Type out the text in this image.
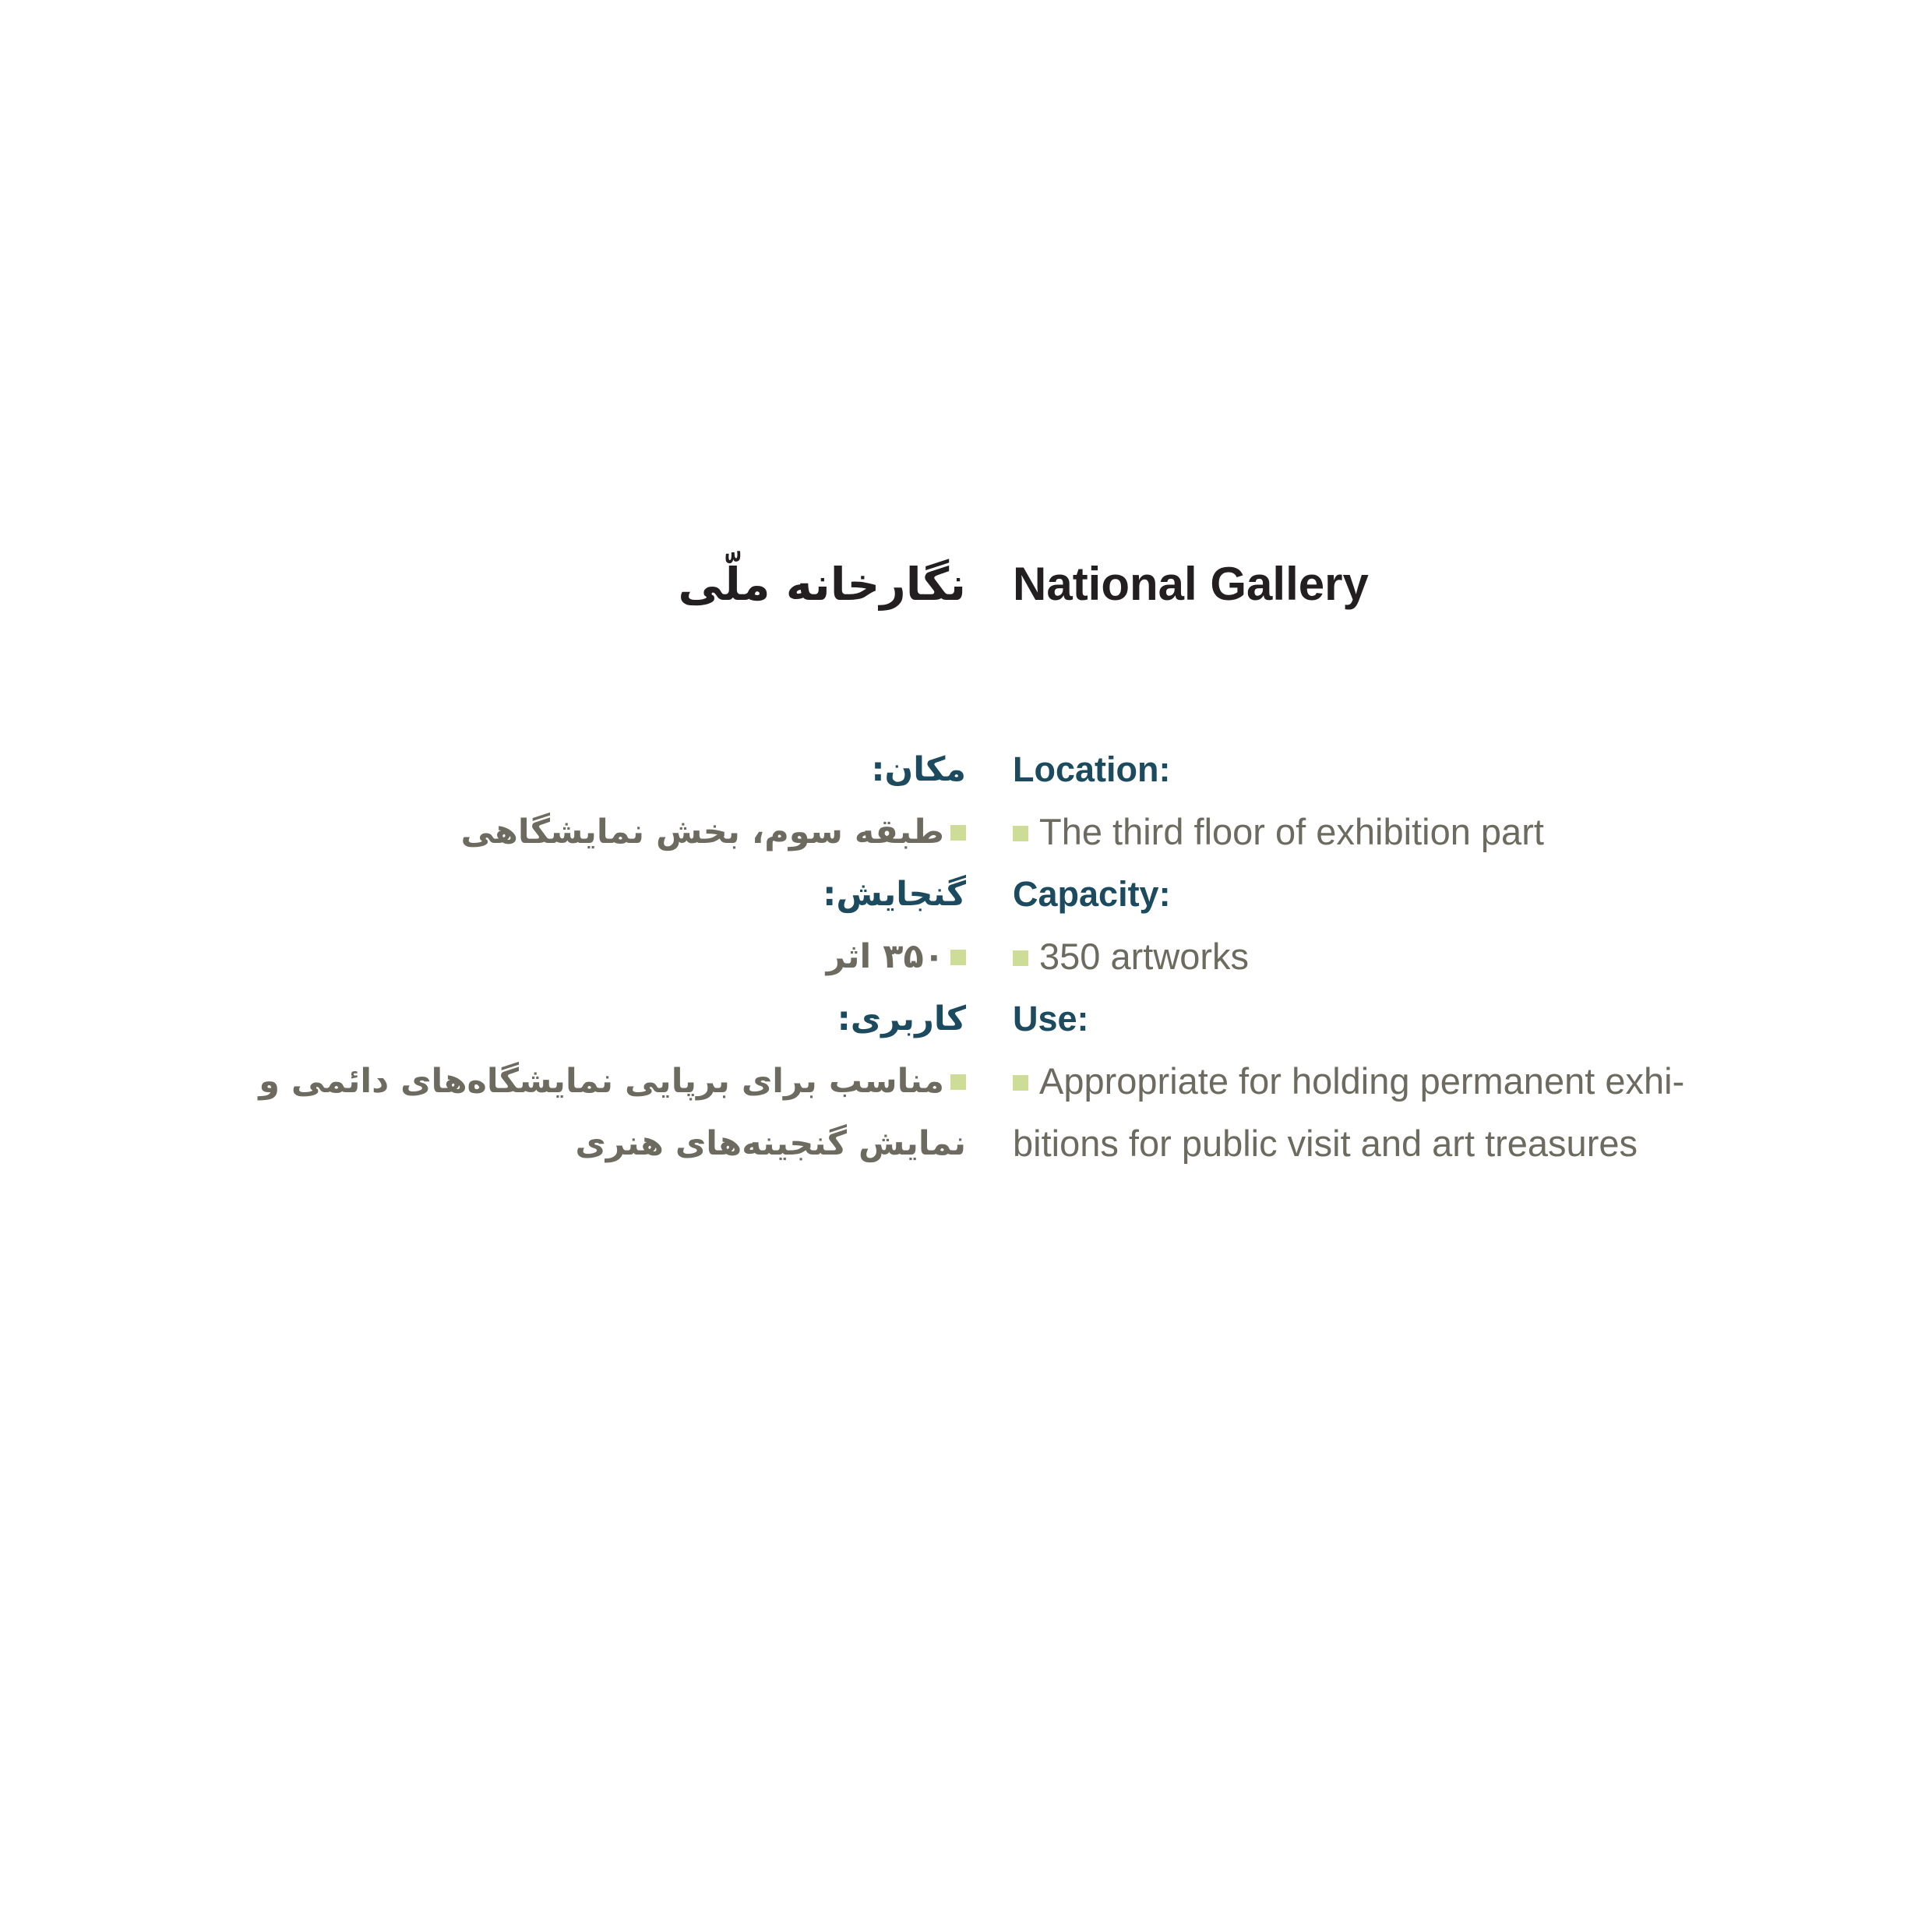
نگارخانه ملّی
مکان:
طبقه سوم، بخش نمایشگاهی
گنجایش:
۳۵۰ اثر
کاربری:
مناسب برای برپایی نمایشگاه‌های دائمی و نمایش گنجینه‌های هنری
National Gallery
Location:
The third floor of exhibition part
Capacity:
350 artworks
Use:
Appropriate for holding permanent exhi-bitions for public visit and art treasures
